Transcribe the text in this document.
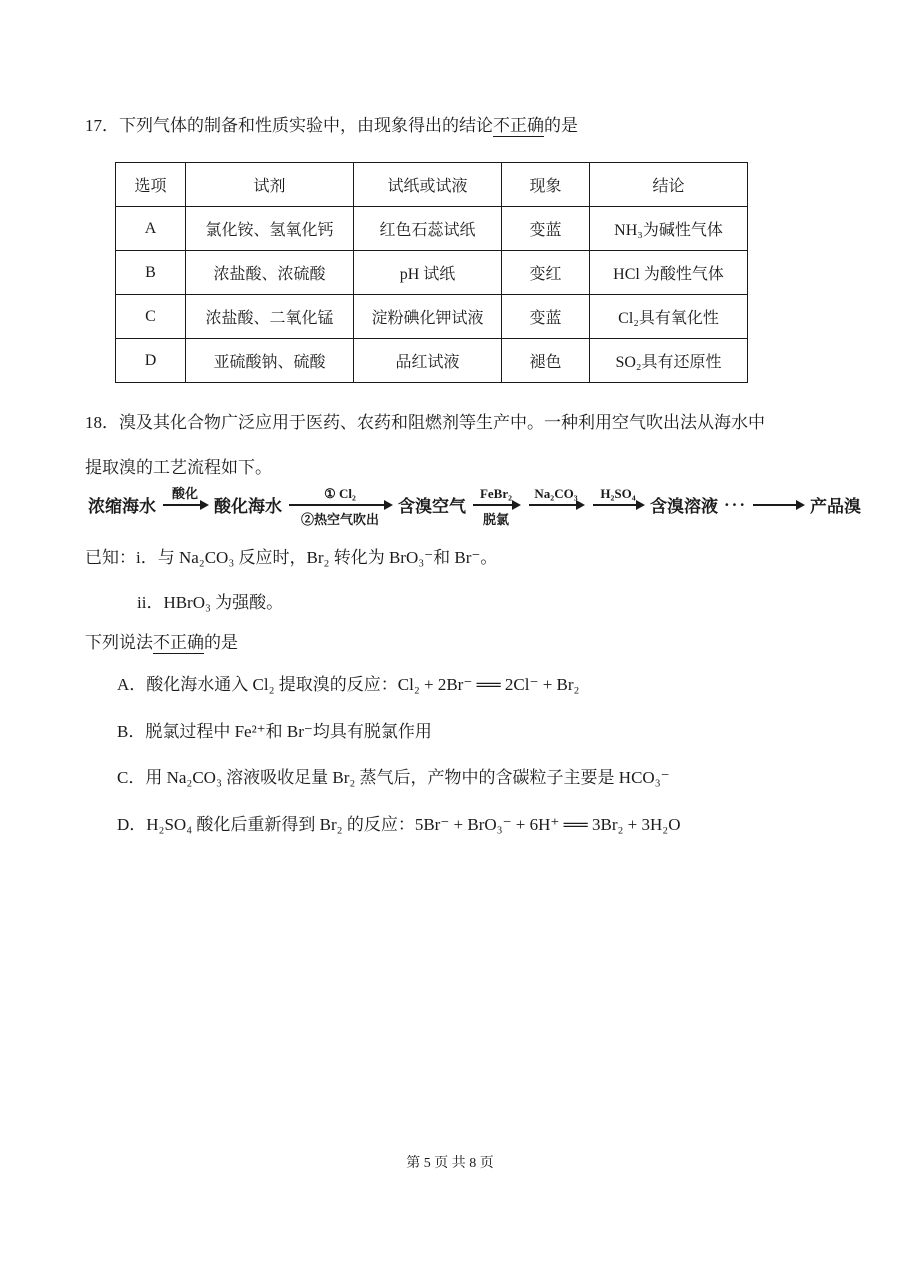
17．下列气体的制备和性质实验中，由现象得出的结论不正确的是
选项	试剂	试纸或试液	现象	结论
A	氯化铵、氢氧化钙	红色石蕊试纸	变蓝	NH₃为碱性气体
B	浓盐酸、浓硫酸	pH 试纸	变红	HCl 为酸性气体
C	浓盐酸、二氧化锰	淀粉碘化钾试液	变蓝	Cl₂具有氧化性
D	亚硫酸钠、硫酸	品红试液	褪色	SO₂具有还原性
18．溴及其化合物广泛应用于医药、农药和阻燃剂等生产中。一种利用空气吹出法从海水中
提取溴的工艺流程如下。
浓缩海水
酸化
酸化海水
① Cl₂
②热空气吹出
含溴空气
FeBr₂
脱氯
Na₂CO₃ H₂SO₄
含溴溶液 ···	产品溴
已知：i．与 Na₂CO₃ 反应时，Br₂ 转化为 BrO₃⁻和 Br⁻。
ii．HBrO₃ 为强酸。
下列说法不正确的是
A．酸化海水通入 Cl₂ 提取溴的反应：Cl₂ + 2Br⁻ ══ 2Cl⁻ + Br₂
B．脱氯过程中 Fe²⁺和 Br⁻均具有脱氯作用
C．用 Na₂CO₃ 溶液吸收足量 Br₂ 蒸气后，产物中的含碳粒子主要是 HCO₃⁻
D．H₂SO₄ 酸化后重新得到 Br₂ 的反应：5Br⁻ + BrO₃⁻ + 6H⁺ ══ 3Br₂ + 3H₂O
第 5 页 共 8 页
